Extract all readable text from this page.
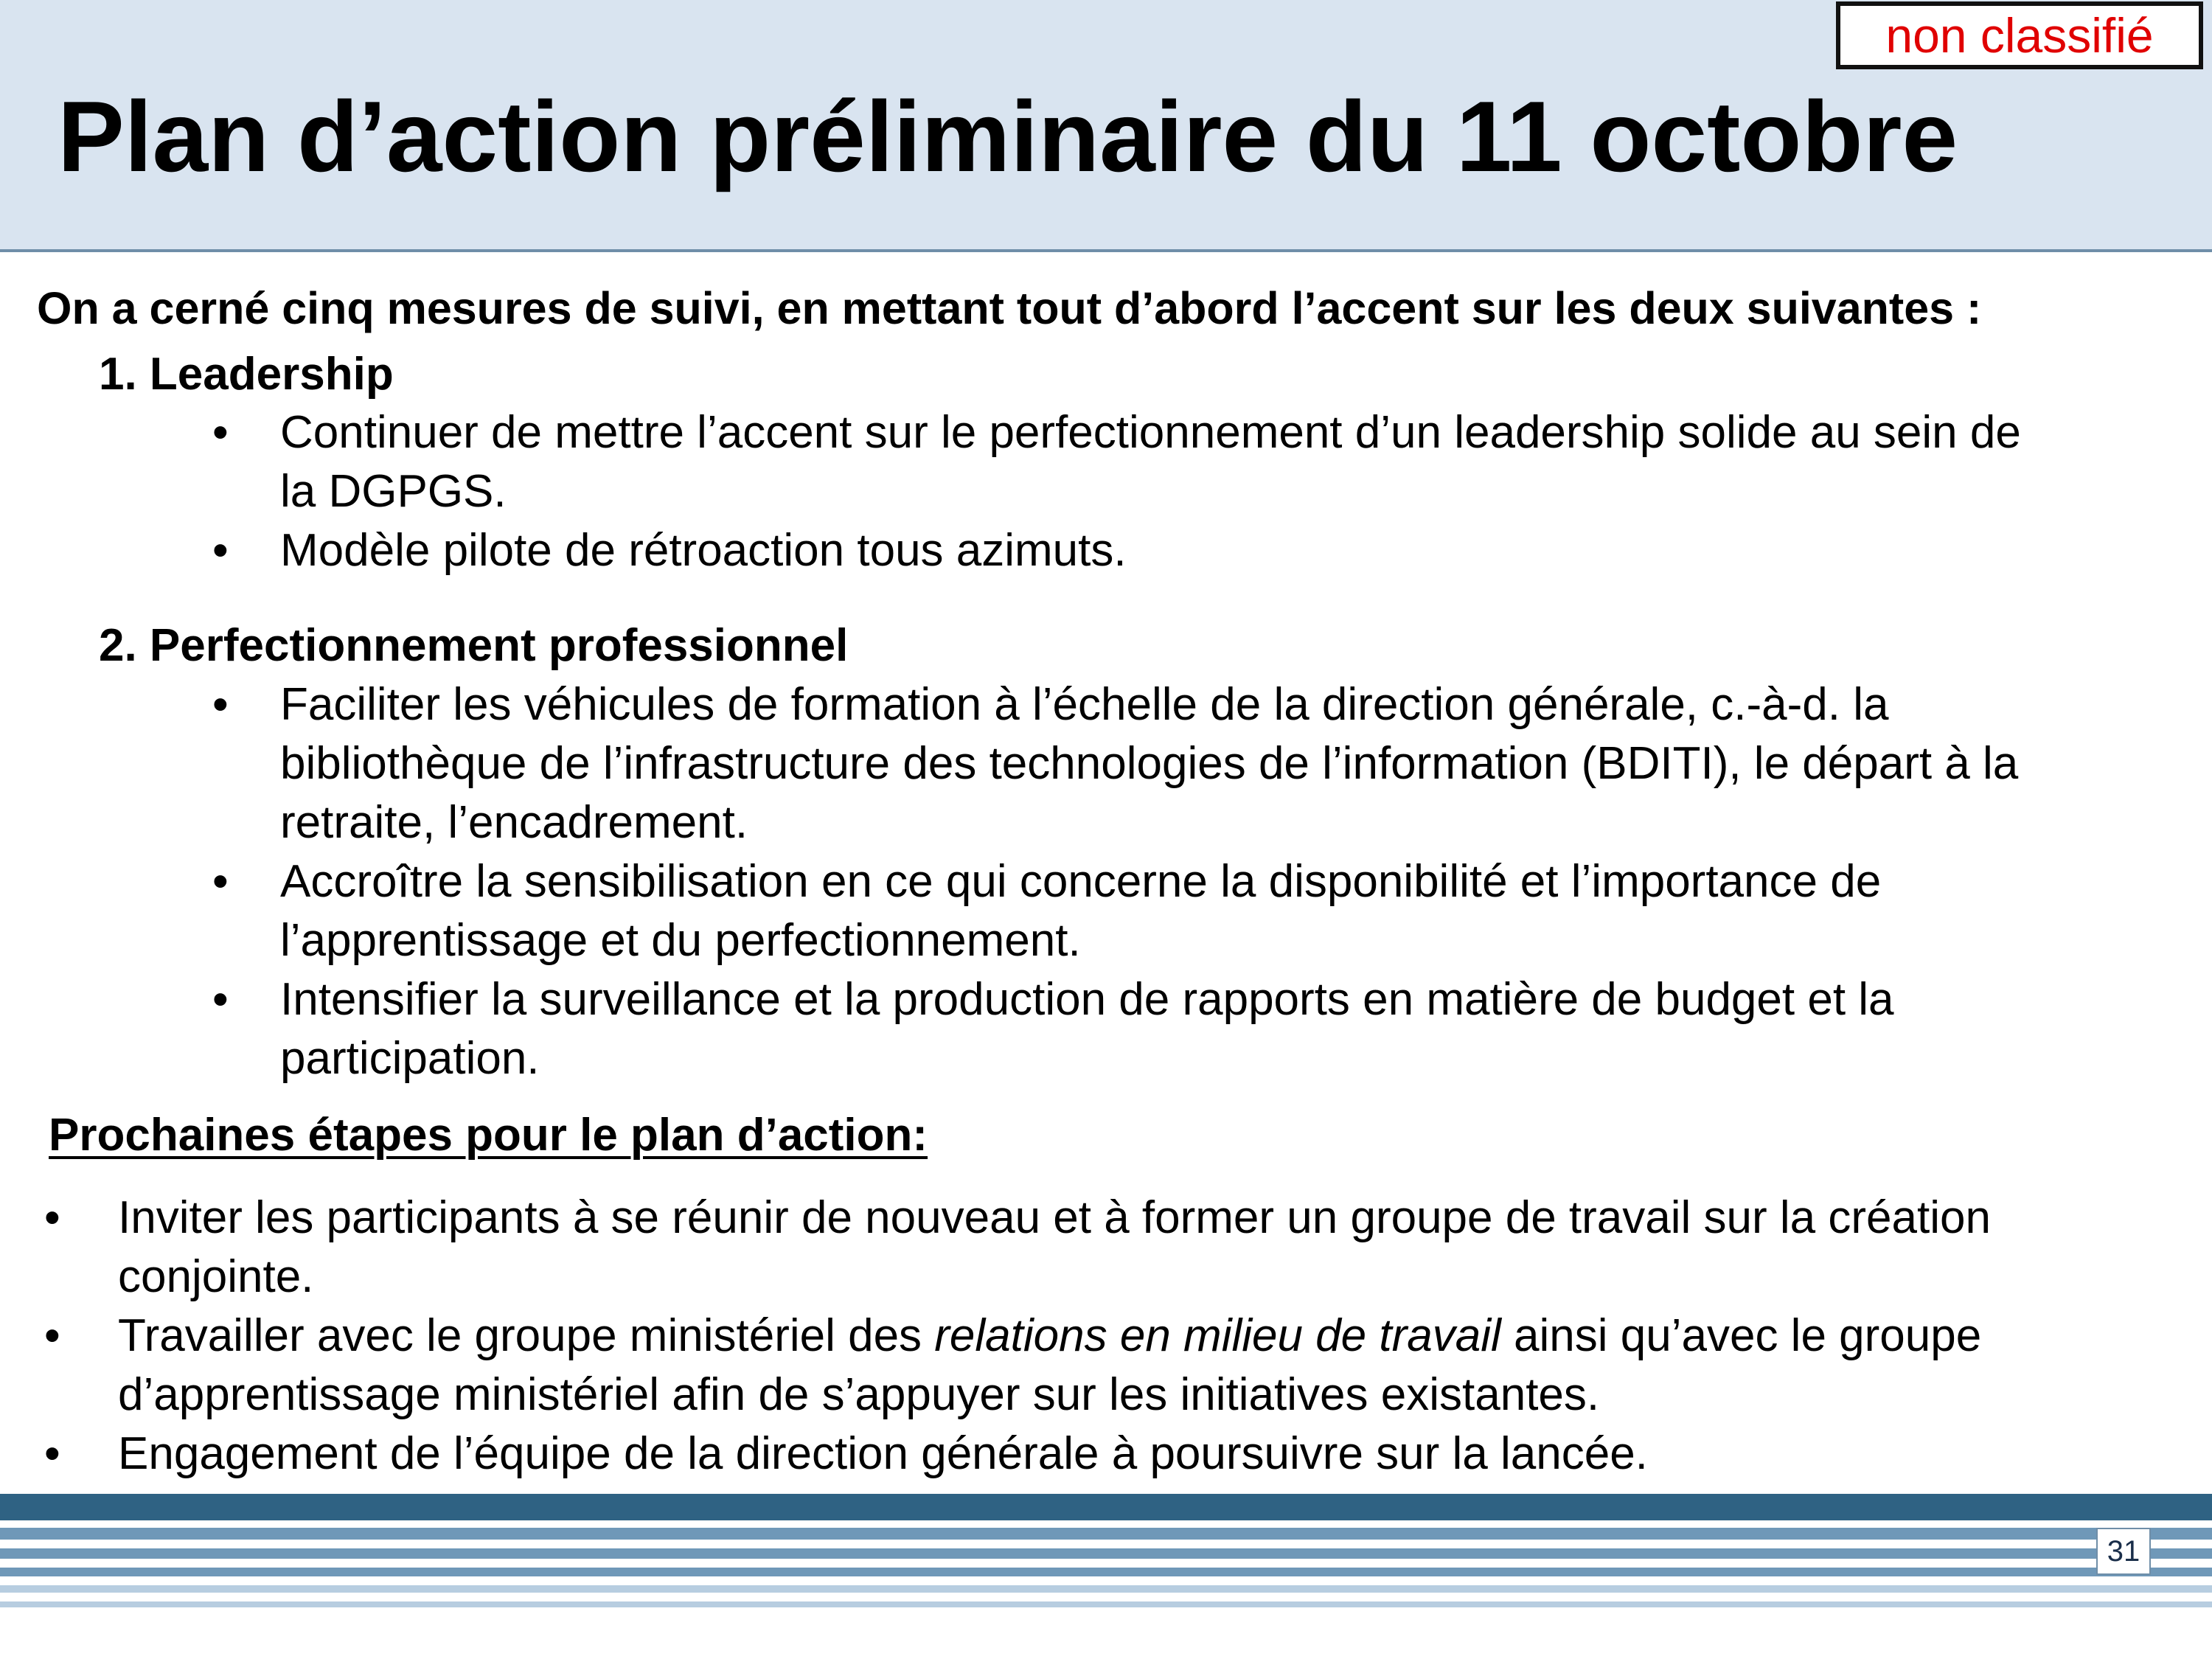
non classifié
Plan d’action préliminaire du 11 octobre

On a cerné cinq mesures de suivi, en mettant tout d’abord l’accent sur les deux suivantes :

1. Leadership

• Continuer de mettre l’accent sur le perfectionnement d’un leadership solide au sein de la DGPGS.
• Modèle pilote de rétroaction tous azimuts.

2. Perfectionnement professionnel

• Faciliter les véhicules de formation à l’échelle de la direction générale, c.-à-d. la bibliothèque de l’infrastructure des technologies de l’information (BDITI), le départ à la retraite, l’encadrement.
• Accroître la sensibilisation en ce qui concerne la disponibilité et l’importance de l’apprentissage et du perfectionnement.
• Intensifier la surveillance et la production de rapports en matière de budget et la participation.

Prochaines étapes pour le plan d’action:

• Inviter les participants à se réunir de nouveau et à former un groupe de travail sur la création conjointe.
• Travailler avec le groupe ministériel des relations en milieu de travail ainsi qu’avec le groupe d’apprentissage ministériel afin de s’appuyer sur les initiatives existantes.
• Engagement de l’équipe de la direction générale à poursuivre sur la lancée.
31
